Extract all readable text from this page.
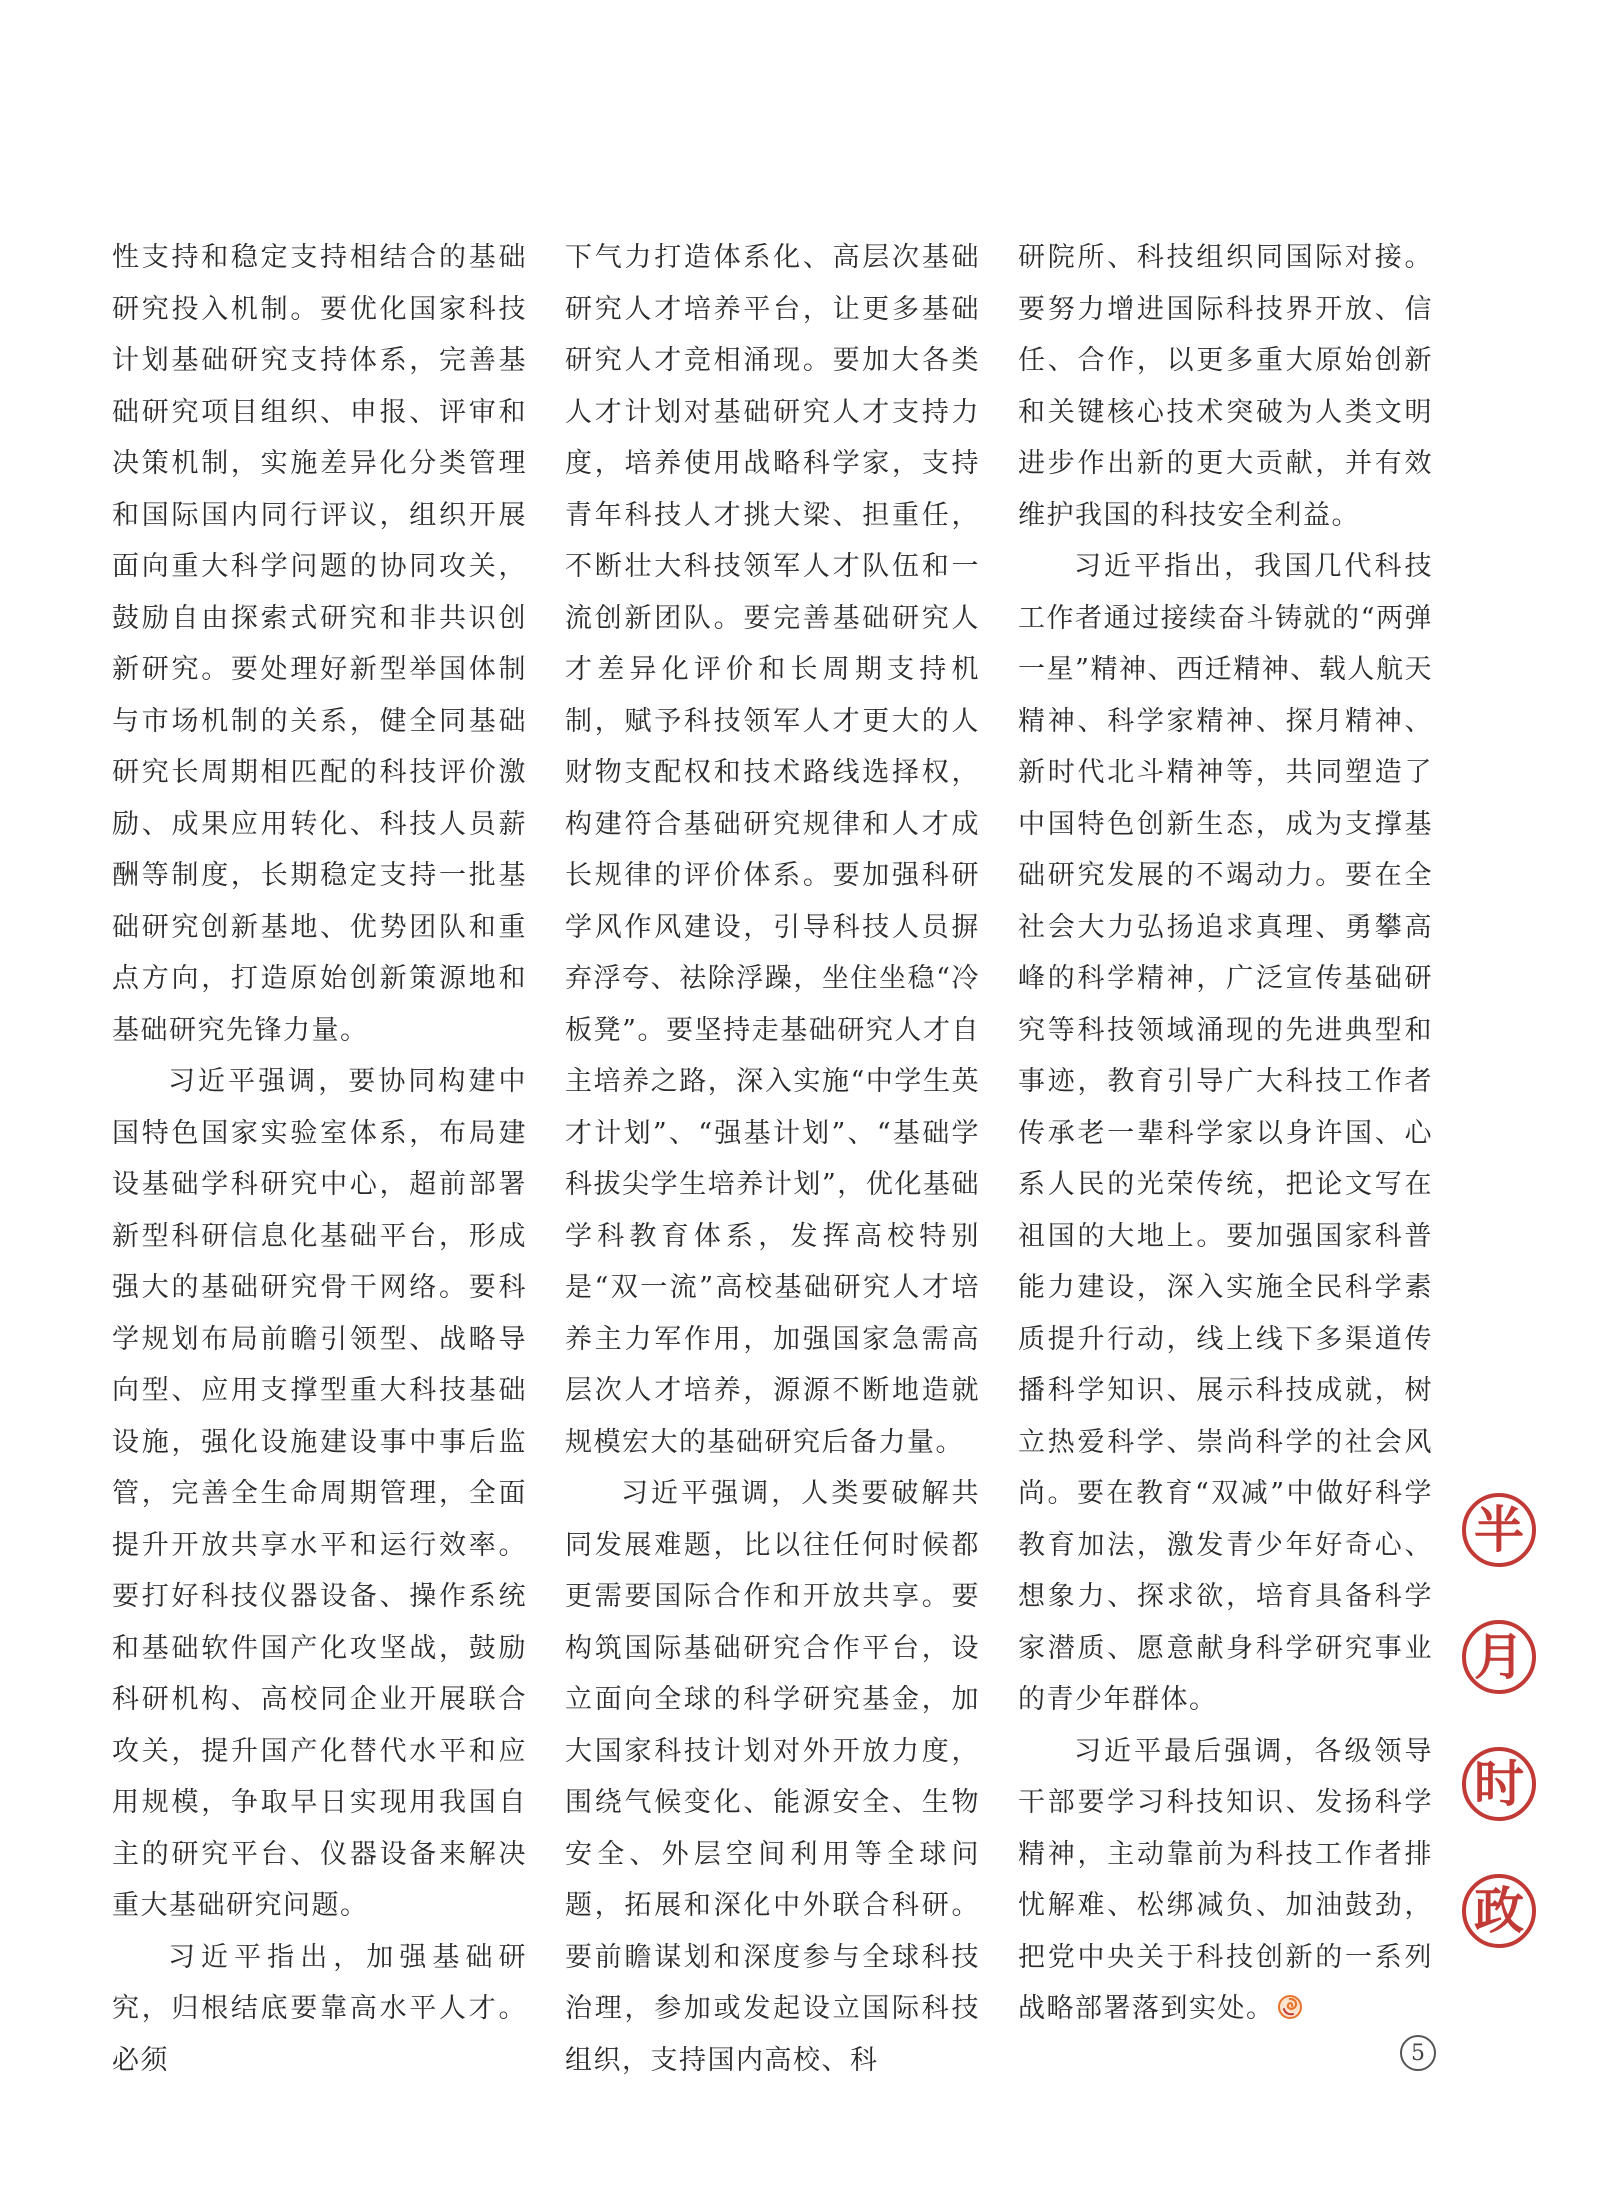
性支持和稳定支持相结合的基础研究投入机制。要优化国家科技计划基础研究支持体系，完善基础研究项目组织、申报、评审和决策机制，实施差异化分类管理和国际国内同行评议，组织开展面向重大科学问题的协同攻关，鼓励自由探索式研究和非共识创新研究。要处理好新型举国体制与市场机制的关系，健全同基础研究长周期相匹配的科技评价激励、成果应用转化、科技人员薪酬等制度，长期稳定支持一批基础研究创新基地、优势团队和重点方向，打造原始创新策源地和基础研究先锋力量。

习近平强调，要协同构建中国特色国家实验室体系，布局建设基础学科研究中心，超前部署新型科研信息化基础平台，形成强大的基础研究骨干网络。要科学规划布局前瞻引领型、战略导向型、应用支撑型重大科技基础设施，强化设施建设事中事后监管，完善全生命周期管理，全面提升开放共享水平和运行效率。要打好科技仪器设备、操作系统和基础软件国产化攻坚战，鼓励科研机构、高校同企业开展联合攻关，提升国产化替代水平和应用规模，争取早日实现用我国自主的研究平台、仪器设备来解决重大基础研究问题。

习近平指出，加强基础研究，归根结底要靠高水平人才。必须

下气力打造体系化、高层次基础研究人才培养平台，让更多基础研究人才竞相涌现。要加大各类人才计划对基础研究人才支持力度，培养使用战略科学家，支持青年科技人才挑大梁、担重任，不断壮大科技领军人才队伍和一流创新团队。要完善基础研究人才差异化评价和长周期支持机制，赋予科技领军人才更大的人财物支配权和技术路线选择权，构建符合基础研究规律和人才成长规律的评价体系。要加强科研学风作风建设，引导科技人员摒弃浮夸、祛除浮躁，坐住坐稳“冷板凳”。要坚持走基础研究人才自主培养之路，深入实施“中学生英才计划”、“强基计划”、“基础学科拔尖学生培养计划”，优化基础学科教育体系，发挥高校特别是“双一流”高校基础研究人才培养主力军作用，加强国家急需高层次人才培养，源源不断地造就规模宏大的基础研究后备力量。

习近平强调，人类要破解共同发展难题，比以往任何时候都更需要国际合作和开放共享。要构筑国际基础研究合作平台，设立面向全球的科学研究基金，加大国家科技计划对外开放力度，围绕气候变化、能源安全、生物安全、外层空间利用等全球问题，拓展和深化中外联合科研。要前瞻谋划和深度参与全球科技治理，参加或发起设立国际科技组织，支持国内高校、科

研院所、科技组织同国际对接。要努力增进国际科技界开放、信任、合作，以更多重大原始创新和关键核心技术突破为人类文明进步作出新的更大贡献，并有效维护我国的科技安全利益。

习近平指出，我国几代科技工作者通过接续奋斗铸就的“两弹一星”精神、西迁精神、载人航天精神、科学家精神、探月精神、新时代北斗精神等，共同塑造了中国特色创新生态，成为支撑基础研究发展的不竭动力。要在全社会大力弘扬追求真理、勇攀高峰的科学精神，广泛宣传基础研究等科技领域涌现的先进典型和事迹，教育引导广大科技工作者传承老一辈科学家以身许国、心系人民的光荣传统，把论文写在祖国的大地上。要加强国家科普能力建设，深入实施全民科学素质提升行动，线上线下多渠道传播科学知识、展示科技成就，树立热爱科学、崇尚科学的社会风尚。要在教育“双减”中做好科学教育加法，激发青少年好奇心、想象力、探求欲，培育具备科学家潜质、愿意献身科学研究事业的青少年群体。

习近平最后强调，各级领导干部要学习科技知识、发扬科学精神，主动靠前为科技工作者排忧解难、松绑减负、加油鼓劲，把党中央关于科技创新的一系列战略部署落到实处。

半
月
时
政
5
